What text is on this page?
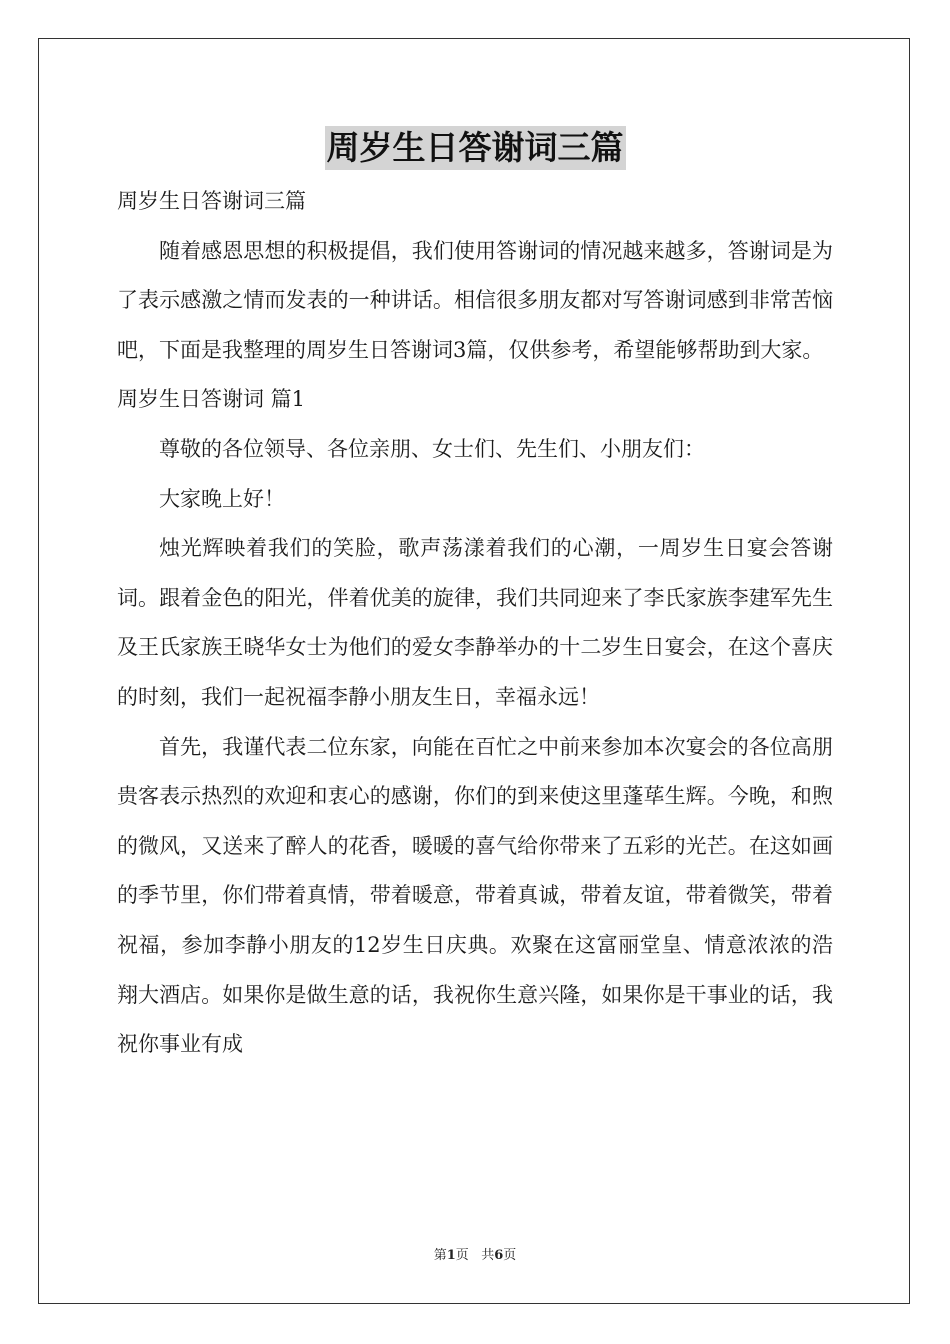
周岁生日答谢词三篇

周岁生日答谢词三篇

随着感恩思想的积极提倡，我们使用答谢词的情况越来越多，答谢词是为了表示感激之情而发表的一种讲话。相信很多朋友都对写答谢词感到非常苦恼吧，下面是我整理的周岁生日答谢词3篇，仅供参考，希望能够帮助到大家。

周岁生日答谢词 篇1

尊敬的各位领导、各位亲朋、女士们、先生们、小朋友们：

大家晚上好！

烛光辉映着我们的笑脸，歌声荡漾着我们的心潮，一周岁生日宴会答谢词。跟着金色的阳光，伴着优美的旋律，我们共同迎来了李氏家族李建军先生及王氏家族王晓华女士为他们的爱女李静举办的十二岁生日宴会，在这个喜庆的时刻，我们一起祝福李静小朋友生日，幸福永远！

首先，我谨代表二位东家，向能在百忙之中前来参加本次宴会的各位高朋贵客表示热烈的欢迎和衷心的感谢，你们的到来使这里蓬荜生辉。今晚，和煦的微风，又送来了醉人的花香，暖暖的喜气给你带来了五彩的光芒。在这如画的季节里，你们带着真情，带着暖意，带着真诚，带着友谊，带着微笑，带着祝福，参加李静小朋友的12岁生日庆典。欢聚在这富丽堂皇、情意浓浓的浩翔大酒店。如果你是做生意的话，我祝你生意兴隆，如果你是干事业的话，我祝你事业有成

第1页 共6页
